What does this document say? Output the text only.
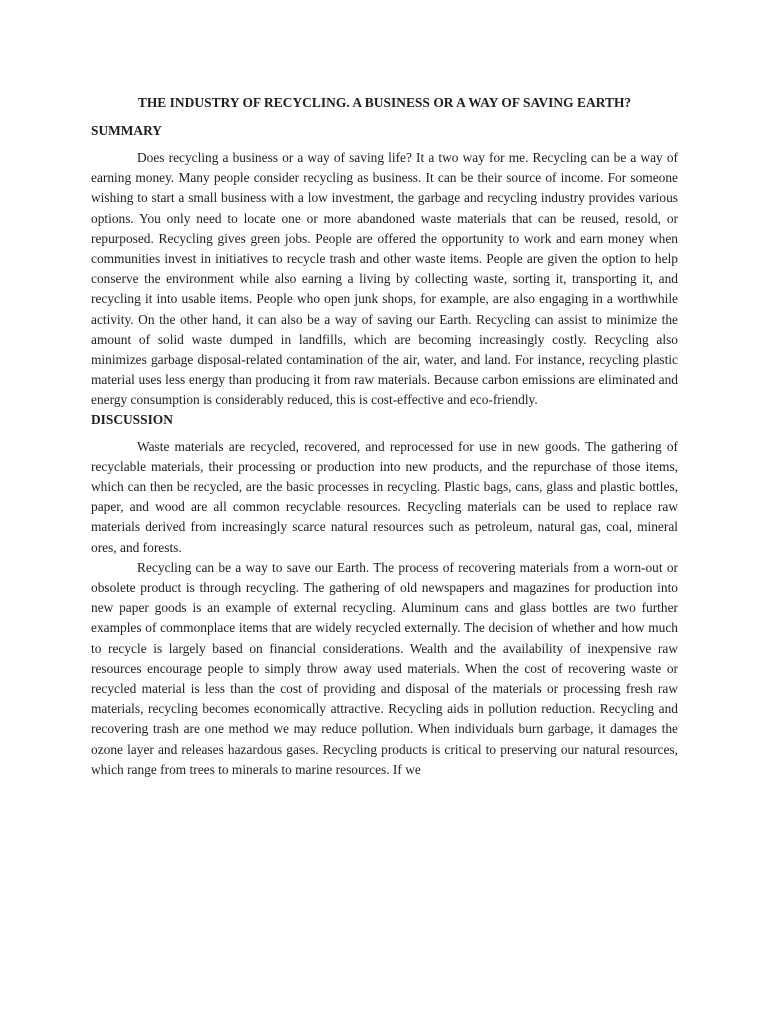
THE INDUSTRY OF RECYCLING. A BUSINESS OR A WAY OF SAVING EARTH?
SUMMARY

Does recycling a business or a way of saving life? It a two way for me. Recycling can be a way of earning money. Many people consider recycling as business. It can be their source of income. For someone wishing to start a small business with a low investment, the garbage and recycling industry provides various options. You only need to locate one or more abandoned waste materials that can be reused, resold, or repurposed. Recycling gives green jobs. People are offered the opportunity to work and earn money when communities invest in initiatives to recycle trash and other waste items. People are given the option to help conserve the environment while also earning a living by collecting waste, sorting it, transporting it, and recycling it into usable items. People who open junk shops, for example, are also engaging in a worthwhile activity. On the other hand, it can also be a way of saving our Earth. Recycling can assist to minimize the amount of solid waste dumped in landfills, which are becoming increasingly costly. Recycling also minimizes garbage disposal-related contamination of the air, water, and land. For instance, recycling plastic material uses less energy than producing it from raw materials. Because carbon emissions are eliminated and energy consumption is considerably reduced, this is cost-effective and eco-friendly.

DISCUSSION

Waste materials are recycled, recovered, and reprocessed for use in new goods. The gathering of recyclable materials, their processing or production into new products, and the repurchase of those items, which can then be recycled, are the basic processes in recycling. Plastic bags, cans, glass and plastic bottles, paper, and wood are all common recyclable resources. Recycling materials can be used to replace raw materials derived from increasingly scarce natural resources such as petroleum, natural gas, coal, mineral ores, and forests.

Recycling can be a way to save our Earth. The process of recovering materials from a worn-out or obsolete product is through recycling. The gathering of old newspapers and magazines for production into new paper goods is an example of external recycling. Aluminum cans and glass bottles are two further examples of commonplace items that are widely recycled externally. The decision of whether and how much to recycle is largely based on financial considerations. Wealth and the availability of inexpensive raw resources encourage people to simply throw away used materials. When the cost of recovering waste or recycled material is less than the cost of providing and disposal of the materials or processing fresh raw materials, recycling becomes economically attractive. Recycling aids in pollution reduction. Recycling and recovering trash are one method we may reduce pollution. When individuals burn garbage, it damages the ozone layer and releases hazardous gases. Recycling products is critical to preserving our natural resources, which range from trees to minerals to marine resources. If we
